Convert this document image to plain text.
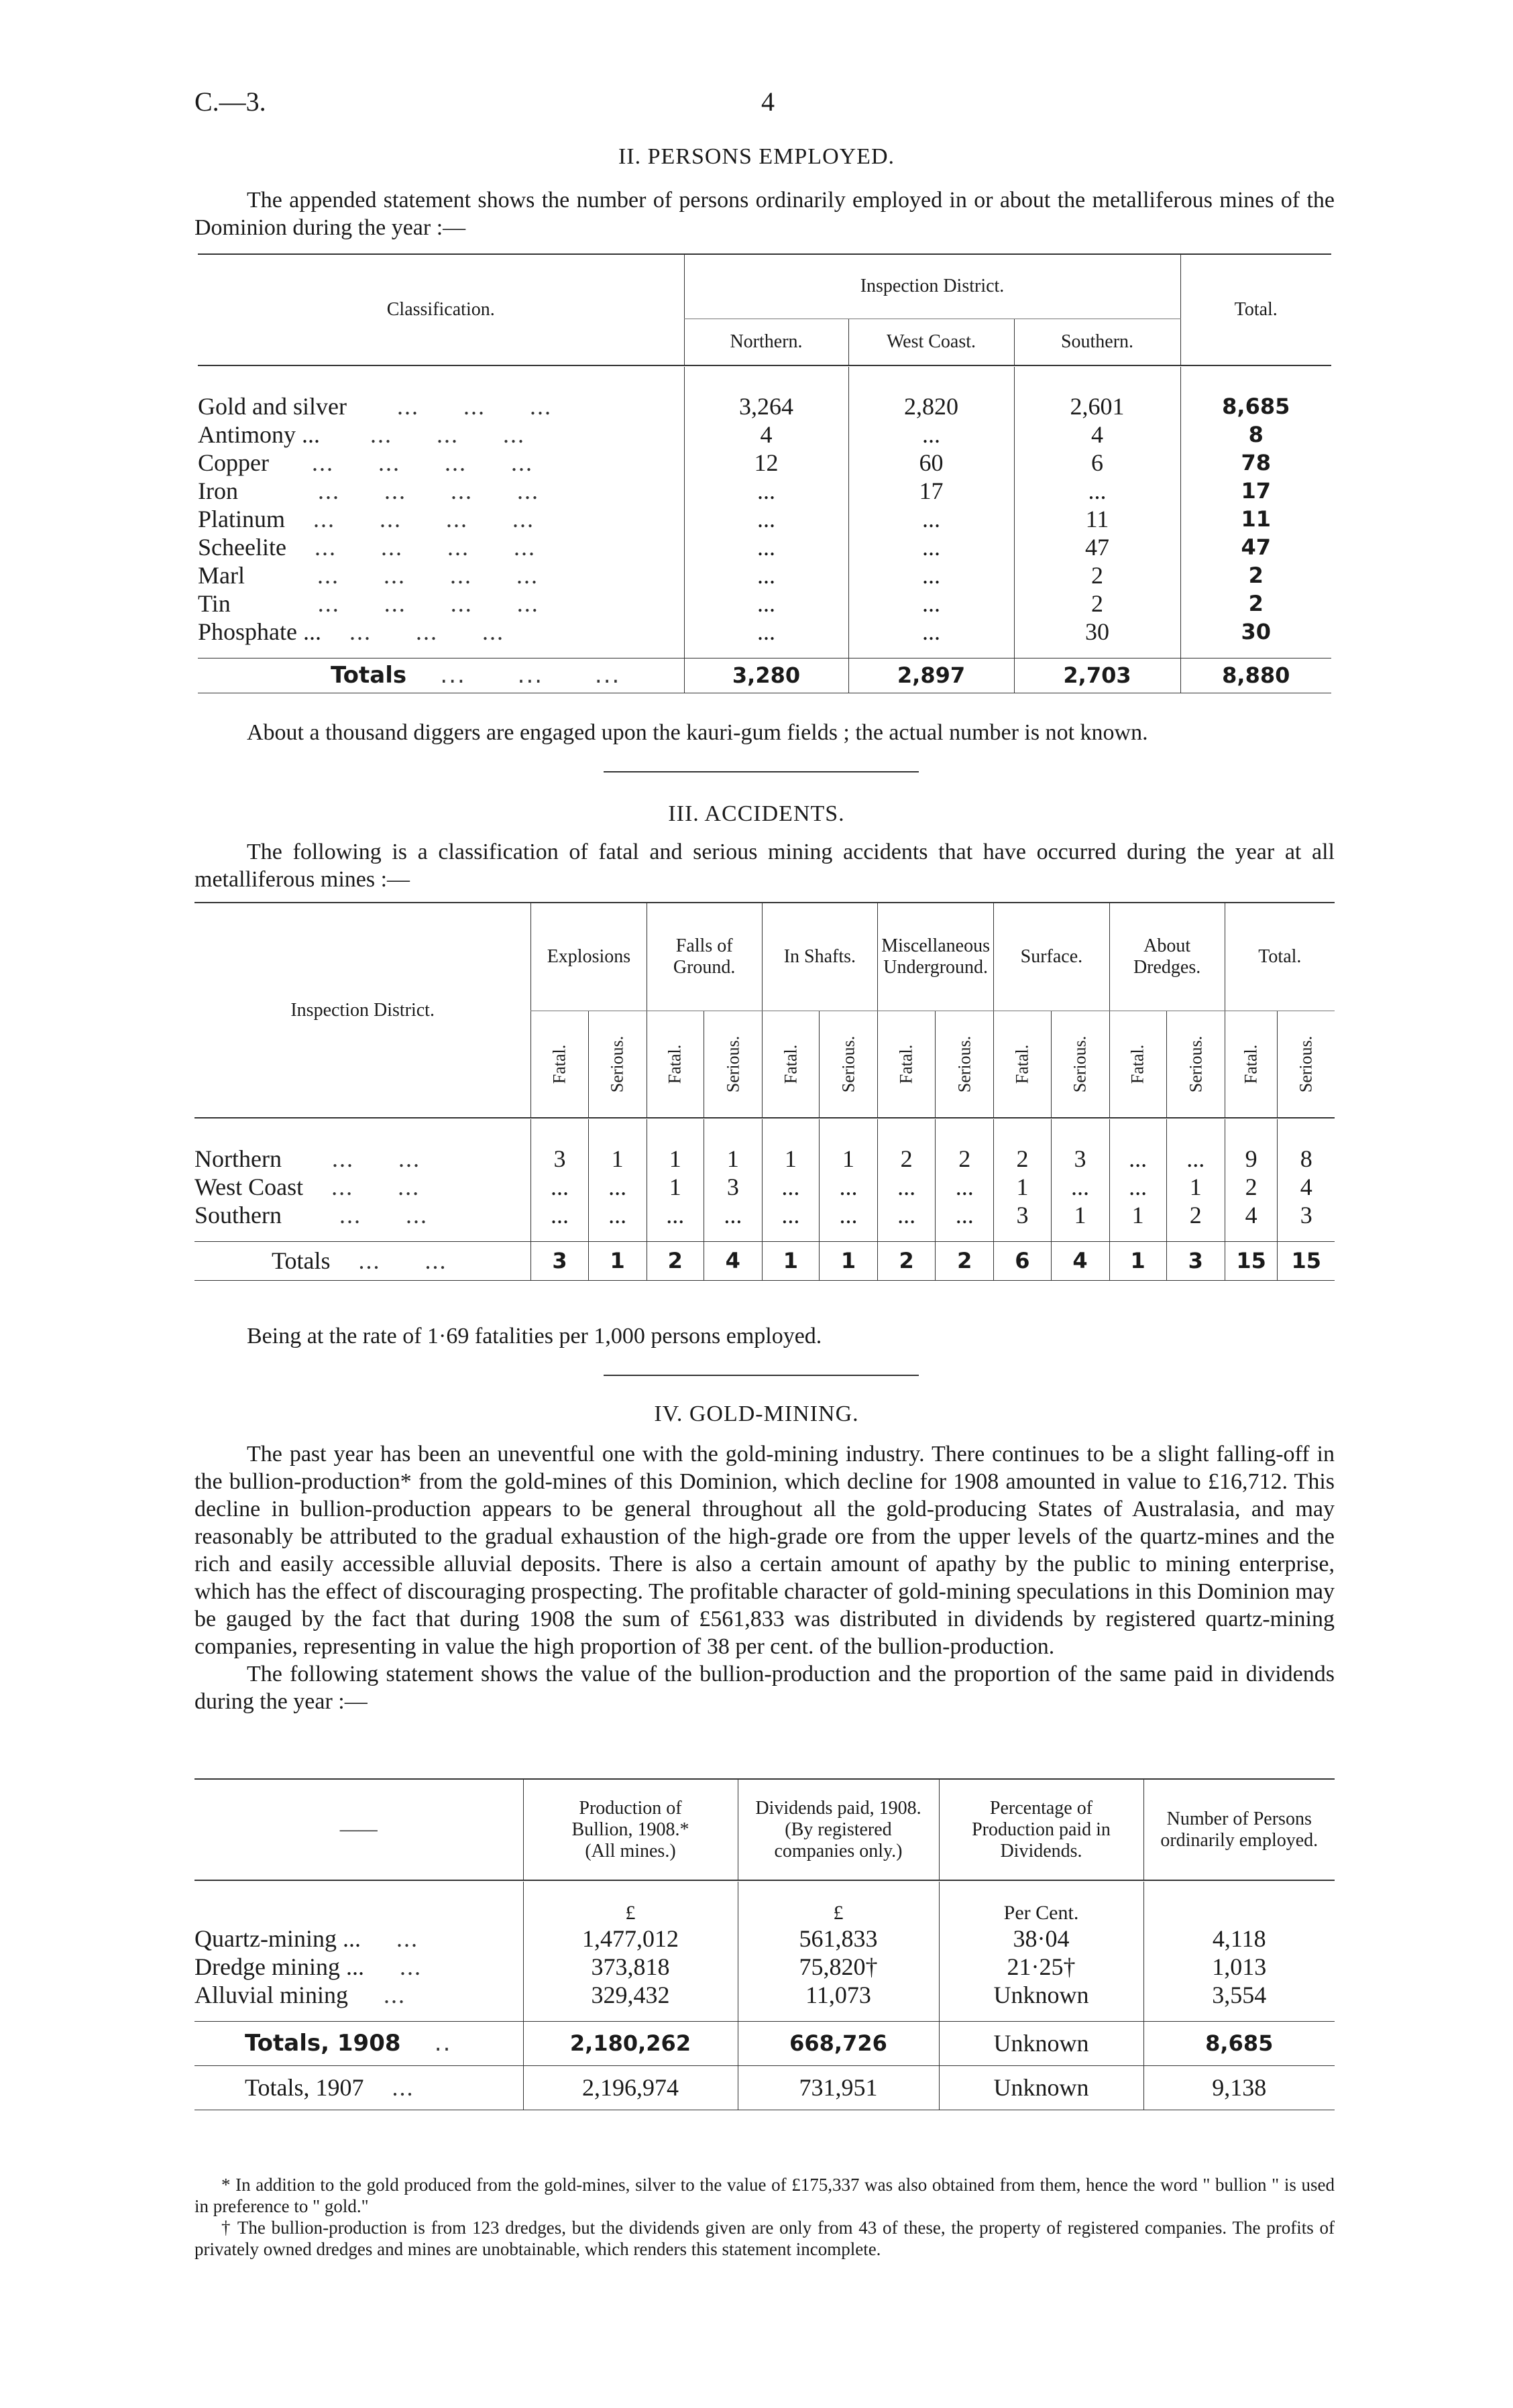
C.—3.	4
II. PERSONS EMPLOYED.

The appended statement shows the number of persons ordinarily employed in or about the metalliferous mines of the Dominion during the year :—

Classification.	Inspection District.			Total.
	Northern.	West Coast.	Southern.	

Gold and silver       ...      ...      ...	3,264	2,820	2,601	8,685
Antimony ...       ...      ...      ...	4	...	4	8
Copper      ...      ...      ...      ...	12	60	6	78
Iron           ...      ...      ...      ...	...	17	...	17
Platinum    ...      ...      ...      ...	...	...	11	11
Scheelite    ...      ...      ...      ...	...	...	47	47
Marl          ...      ...      ...      ...	...	...	2	2
Tin            ...      ...      ...      ...	...	...	2	2
Phosphate ...    ...      ...      ...	...	...	30	30

Totals    ...      ...      ...	3,280	2,897	2,703	8,880
About a thousand diggers are engaged upon the kauri-gum fields ; the actual number is not known.
III. ACCIDENTS.

The following is a classification of fatal and serious mining accidents that have occurred during the year at all metalliferous mines :—

Inspection District.	Explosions		Falls of Ground.		In Shafts.		Miscellaneous Underground.		Surface.		About Dredges.		Total.	
	Fatal.	Serious.	Fatal.	Serious.	Fatal.	Serious.	Fatal.	Serious.	Fatal.	Serious.	Fatal.	Serious.	Fatal.	Serious.

Northern       ...      ...	3	1	1	1	1	1	2	2	2	3	...	...	9	8
West Coast    ...      ...	...	...	1	3	...	...	...	...	1	...	...	1	2	4
Southern        ...      ...	...	...	...	...	...	...	...	...	3	1	1	2	4	3

Totals    ...      ...	3	1	2	4	1	1	2	2	6	4	1	3	15	15
Being at the rate of 1·69 fatalities per 1,000 persons employed.
IV. GOLD-MINING.

The past year has been an uneventful one with the gold-mining industry. There continues to be a slight falling-off in the bullion-production* from the gold-mines of this Dominion, which decline for 1908 amounted in value to £16,712. This decline in bullion-production appears to be general throughout all the gold-producing States of Australasia, and may reasonably be attributed to the gradual exhaustion of the high-grade ore from the upper levels of the quartz-mines and the rich and easily accessible alluvial deposits. There is also a certain amount of apathy by the public to mining enterprise, which has the effect of discouraging prospecting. The profitable character of gold-mining speculations in this Dominion may be gauged by the fact that during 1908 the sum of £561,833 was distributed in dividends by registered quartz-mining companies, representing in value the high proportion of 38 per cent. of the bullion-production.

The following statement shows the value of the bullion-production and the proportion of the same paid in dividends during the year :—

——	Production of Bullion, 1908.* (All mines.)	Dividends paid, 1908. (By registered companies only.)	Percentage of Production paid in Dividends.	Number of Persons ordinarily employed.

	£	£	Per Cent.	
Quartz-mining ...     ...	1,477,012	561,833	38·04	4,118
Dredge mining ...     ...	373,818	75,820†	21·25†	1,013
Alluvial mining     ...	329,432	11,073	Unknown	3,554

Totals, 1908    ..	2,180,262	668,726	Unknown	8,685
Totals, 1907    ...	2,196,974	731,951	Unknown	9,138

* In addition to the gold produced from the gold-mines, silver to the value of £175,337 was also obtained from them, hence the word " bullion " is used in preference to " gold."

† The bullion-production is from 123 dredges, but the dividends given are only from 43 of these, the property of registered companies. The profits of privately owned dredges and mines are unobtainable, which renders this statement incomplete.
